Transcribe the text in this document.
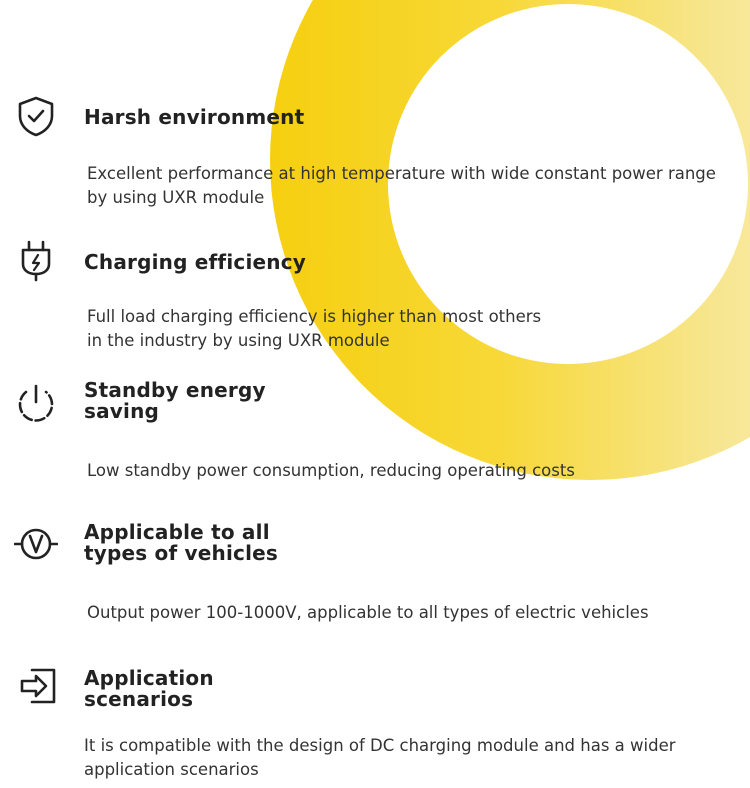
Harsh environment
Excellent performance at high temperature with wide constant power range
by using UXR module
Charging efficiency
Full load charging efficiency is higher than most others
in the industry by using UXR module
Standby energy
saving
Low standby power consumption, reducing operating costs
Applicable to all
types of vehicles
Output power 100-1000V, applicable to all types of electric vehicles
Application
scenarios
It is compatible with the design of DC charging module and has a wider
application scenarios
